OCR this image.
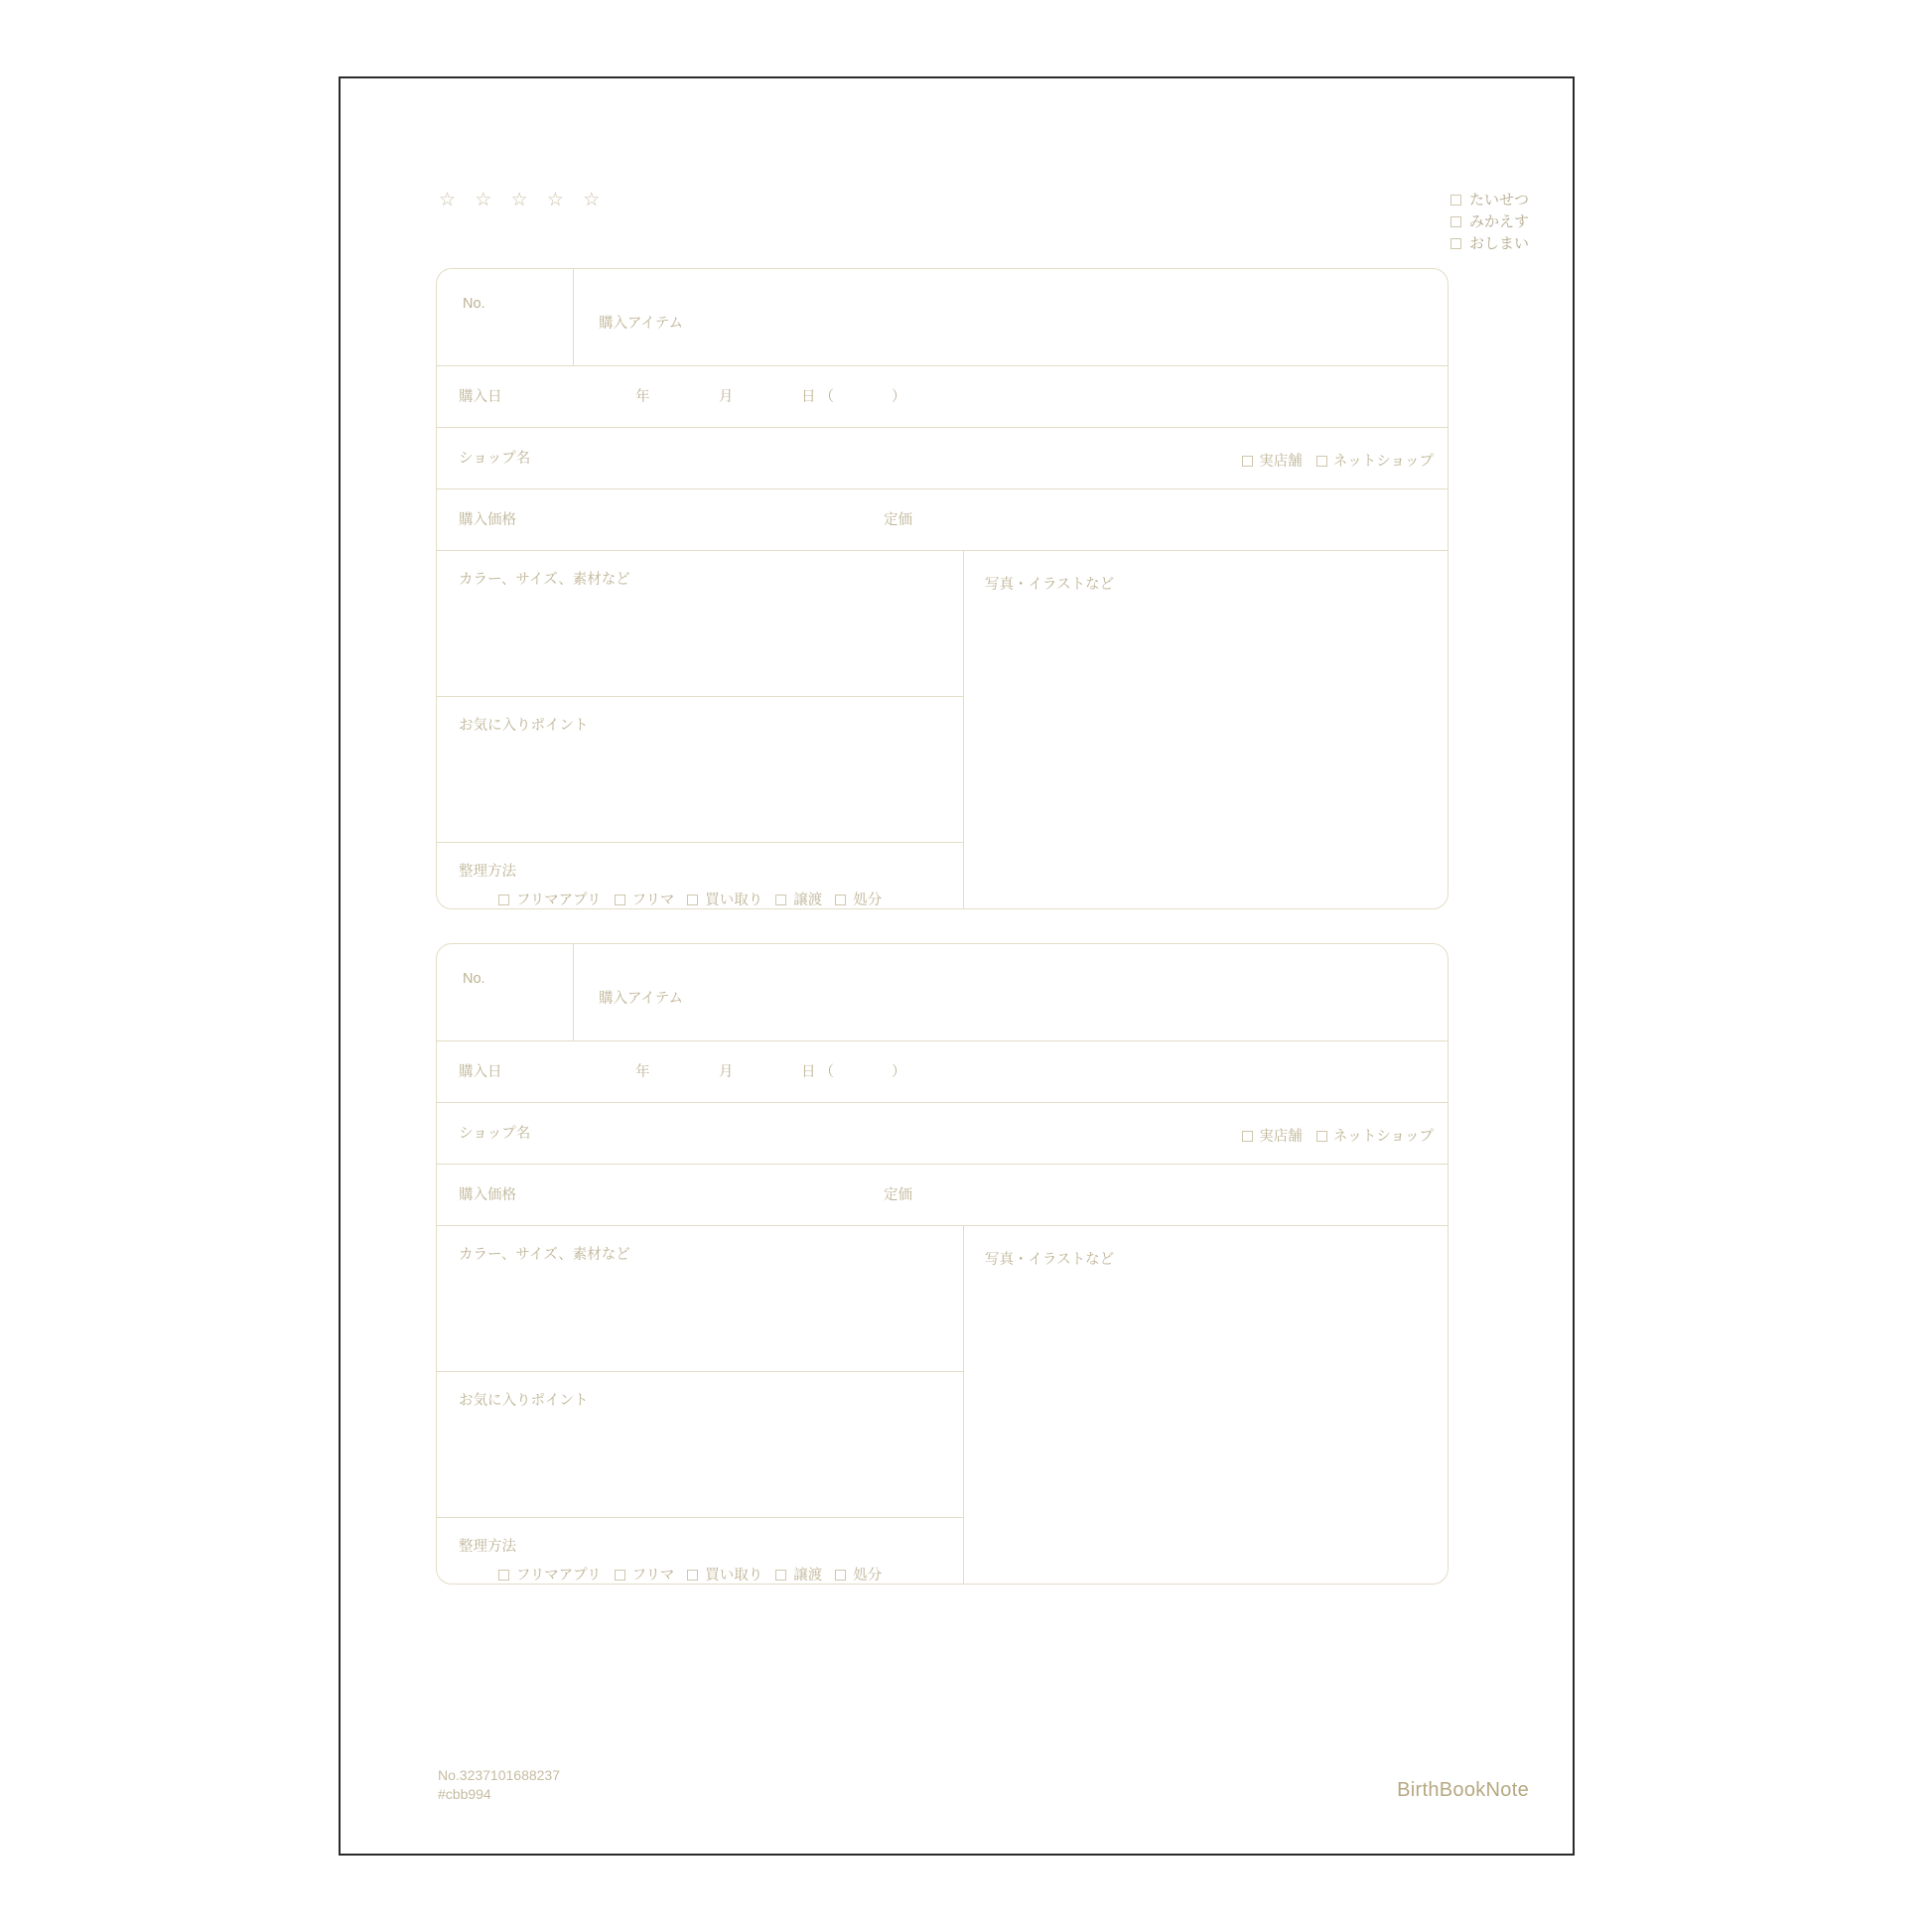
☆ ☆ ☆ ☆ ☆	たいせつ
みかえす
おしまい
No.
購入アイテム
購入日	年	月	日 （　　　　）
ショップ名	実店舗 ネットショップ
購入価格	定価
カラー、サイズ、素材など
お気に入りポイント
整理方法
フリマアプリ フリマ 買い取り 譲渡 処分
写真・イラストなど
No.
購入アイテム
購入日	年	月	日 （　　　　）
ショップ名	実店舗 ネットショップ
購入価格	定価
カラー、サイズ、素材など
お気に入りポイント
整理方法
フリマアプリ フリマ 買い取り 譲渡 処分
写真・イラストなど
No.3237101688237
#cbb994	BirthBookNote
